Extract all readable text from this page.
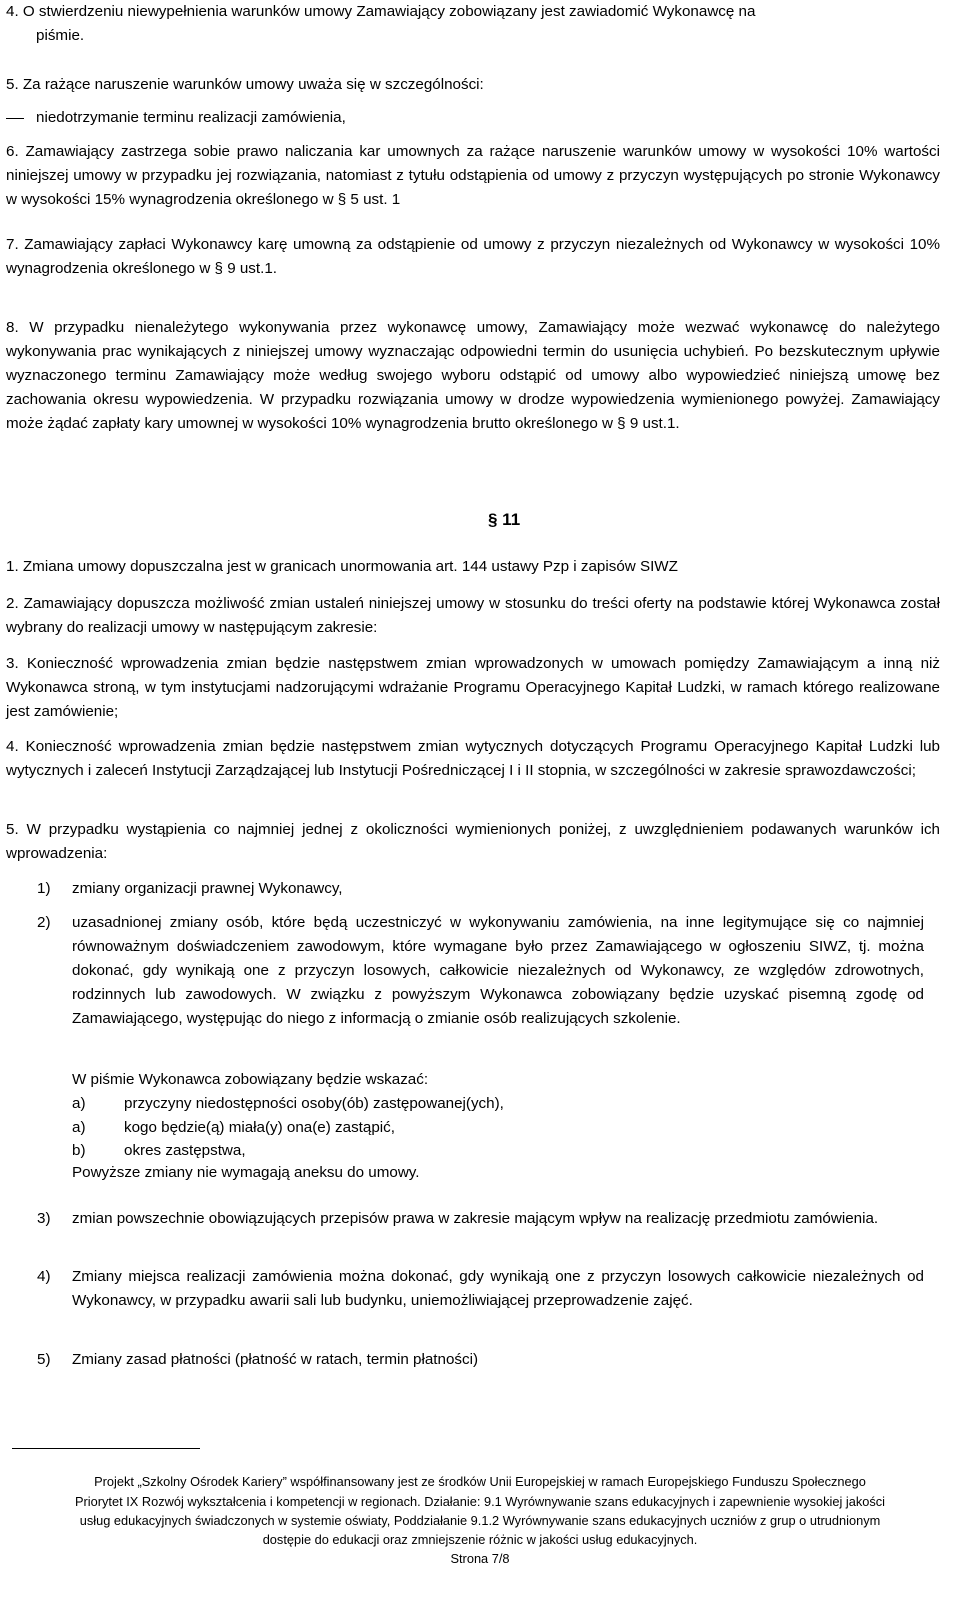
4. O stwierdzeniu niewypełnienia warunków umowy Zamawiający zobowiązany jest zawiadomić Wykonawcę na

piśmie.

5. Za rażące naruszenie warunków umowy uważa się w szczególności:

niedotrzymanie terminu realizacji zamówienia,

6. Zamawiający zastrzega sobie prawo naliczania kar umownych za rażące naruszenie warunków umowy w wysokości 10% wartości niniejszej umowy w przypadku jej rozwiązania, natomiast z tytułu odstąpienia od umowy z przyczyn występujących po stronie Wykonawcy w wysokości 15% wynagrodzenia określonego w § 5 ust. 1

7. Zamawiający zapłaci Wykonawcy karę umowną za odstąpienie od umowy z przyczyn niezależnych od Wykonawcy w wysokości 10% wynagrodzenia określonego w § 9 ust.1.

8. W przypadku nienależytego wykonywania przez wykonawcę umowy, Zamawiający może wezwać wykonawcę do należytego wykonywania prac wynikających z niniejszej umowy wyznaczając odpowiedni termin do usunięcia uchybień. Po bezskutecznym upływie wyznaczonego terminu Zamawiający może według swojego wyboru odstąpić od umowy albo wypowiedzieć niniejszą umowę bez zachowania okresu wypowiedzenia. W przypadku rozwiązania umowy w drodze wypowiedzenia wymienionego powyżej. Zamawiający może żądać zapłaty kary umownej w wysokości 10% wynagrodzenia brutto określonego w § 9 ust.1.

§ 11

1. Zmiana umowy dopuszczalna jest w granicach unormowania art. 144 ustawy Pzp i zapisów SIWZ

2. Zamawiający dopuszcza możliwość zmian ustaleń niniejszej umowy w stosunku do treści oferty na podstawie której Wykonawca został wybrany do realizacji umowy w następującym zakresie:

3. Konieczność wprowadzenia zmian będzie następstwem zmian wprowadzonych w umowach pomiędzy Zamawiającym a inną niż Wykonawca stroną, w tym instytucjami nadzorującymi wdrażanie Programu Operacyjnego Kapitał Ludzki, w ramach którego realizowane jest zamówienie;

4. Konieczność wprowadzenia zmian będzie następstwem zmian wytycznych dotyczących Programu Operacyjnego Kapitał Ludzki lub wytycznych i zaleceń Instytucji Zarządzającej lub Instytucji Pośredniczącej I i II stopnia, w szczególności w zakresie sprawozdawczości;

5. W przypadku wystąpienia co najmniej jednej z okoliczności wymienionych poniżej, z uwzględnieniem podawanych warunków ich wprowadzenia:

1) zmiany organizacji prawnej Wykonawcy,

2) uzasadnionej zmiany osób, które będą uczestniczyć w wykonywaniu zamówienia, na inne legitymujące się co najmniej równoważnym doświadczeniem zawodowym, które wymagane było przez Zamawiającego w ogłoszeniu SIWZ, tj. można dokonać, gdy wynikają one z przyczyn losowych, całkowicie niezależnych od Wykonawcy, ze względów zdrowotnych, rodzinnych lub zawodowych. W związku z powyższym Wykonawca zobowiązany będzie uzyskać pisemną zgodę od Zamawiającego, występując do niego z informacją o zmianie osób realizujących szkolenie.

W piśmie Wykonawca zobowiązany będzie wskazać:

a)	przyczyny niedostępności osoby(ób) zastępowanej(ych),

a)	kogo będzie(ą) miała(y) ona(e) zastąpić,

b)	okres zastępstwa,

Powyższe zmiany nie wymagają aneksu do umowy.

3) zmian powszechnie obowiązujących przepisów prawa w zakresie mającym wpływ na realizację przedmiotu zamówienia.

4) Zmiany miejsca realizacji zamówienia można dokonać, gdy wynikają one z przyczyn losowych całkowicie niezależnych od Wykonawcy, w przypadku awarii sali lub budynku, uniemożliwiającej przeprowadzenie zajęć.

5) Zmiany zasad płatności (płatność w ratach, termin płatności)

Projekt „Szkolny Ośrodek Kariery” współfinansowany jest ze środków Unii Europejskiej w ramach Europejskiego Funduszu Społecznego
Priorytet IX Rozwój wykształcenia i kompetencji w regionach. Działanie: 9.1 Wyrównywanie szans edukacyjnych i zapewnienie wysokiej jakości
usług edukacyjnych świadczonych w systemie oświaty, Poddziałanie 9.1.2 Wyrównywanie szans edukacyjnych uczniów z grup o utrudnionym
dostępie do edukacji oraz zmniejszenie różnic w jakości usług edukacyjnych.
Strona 7/8
